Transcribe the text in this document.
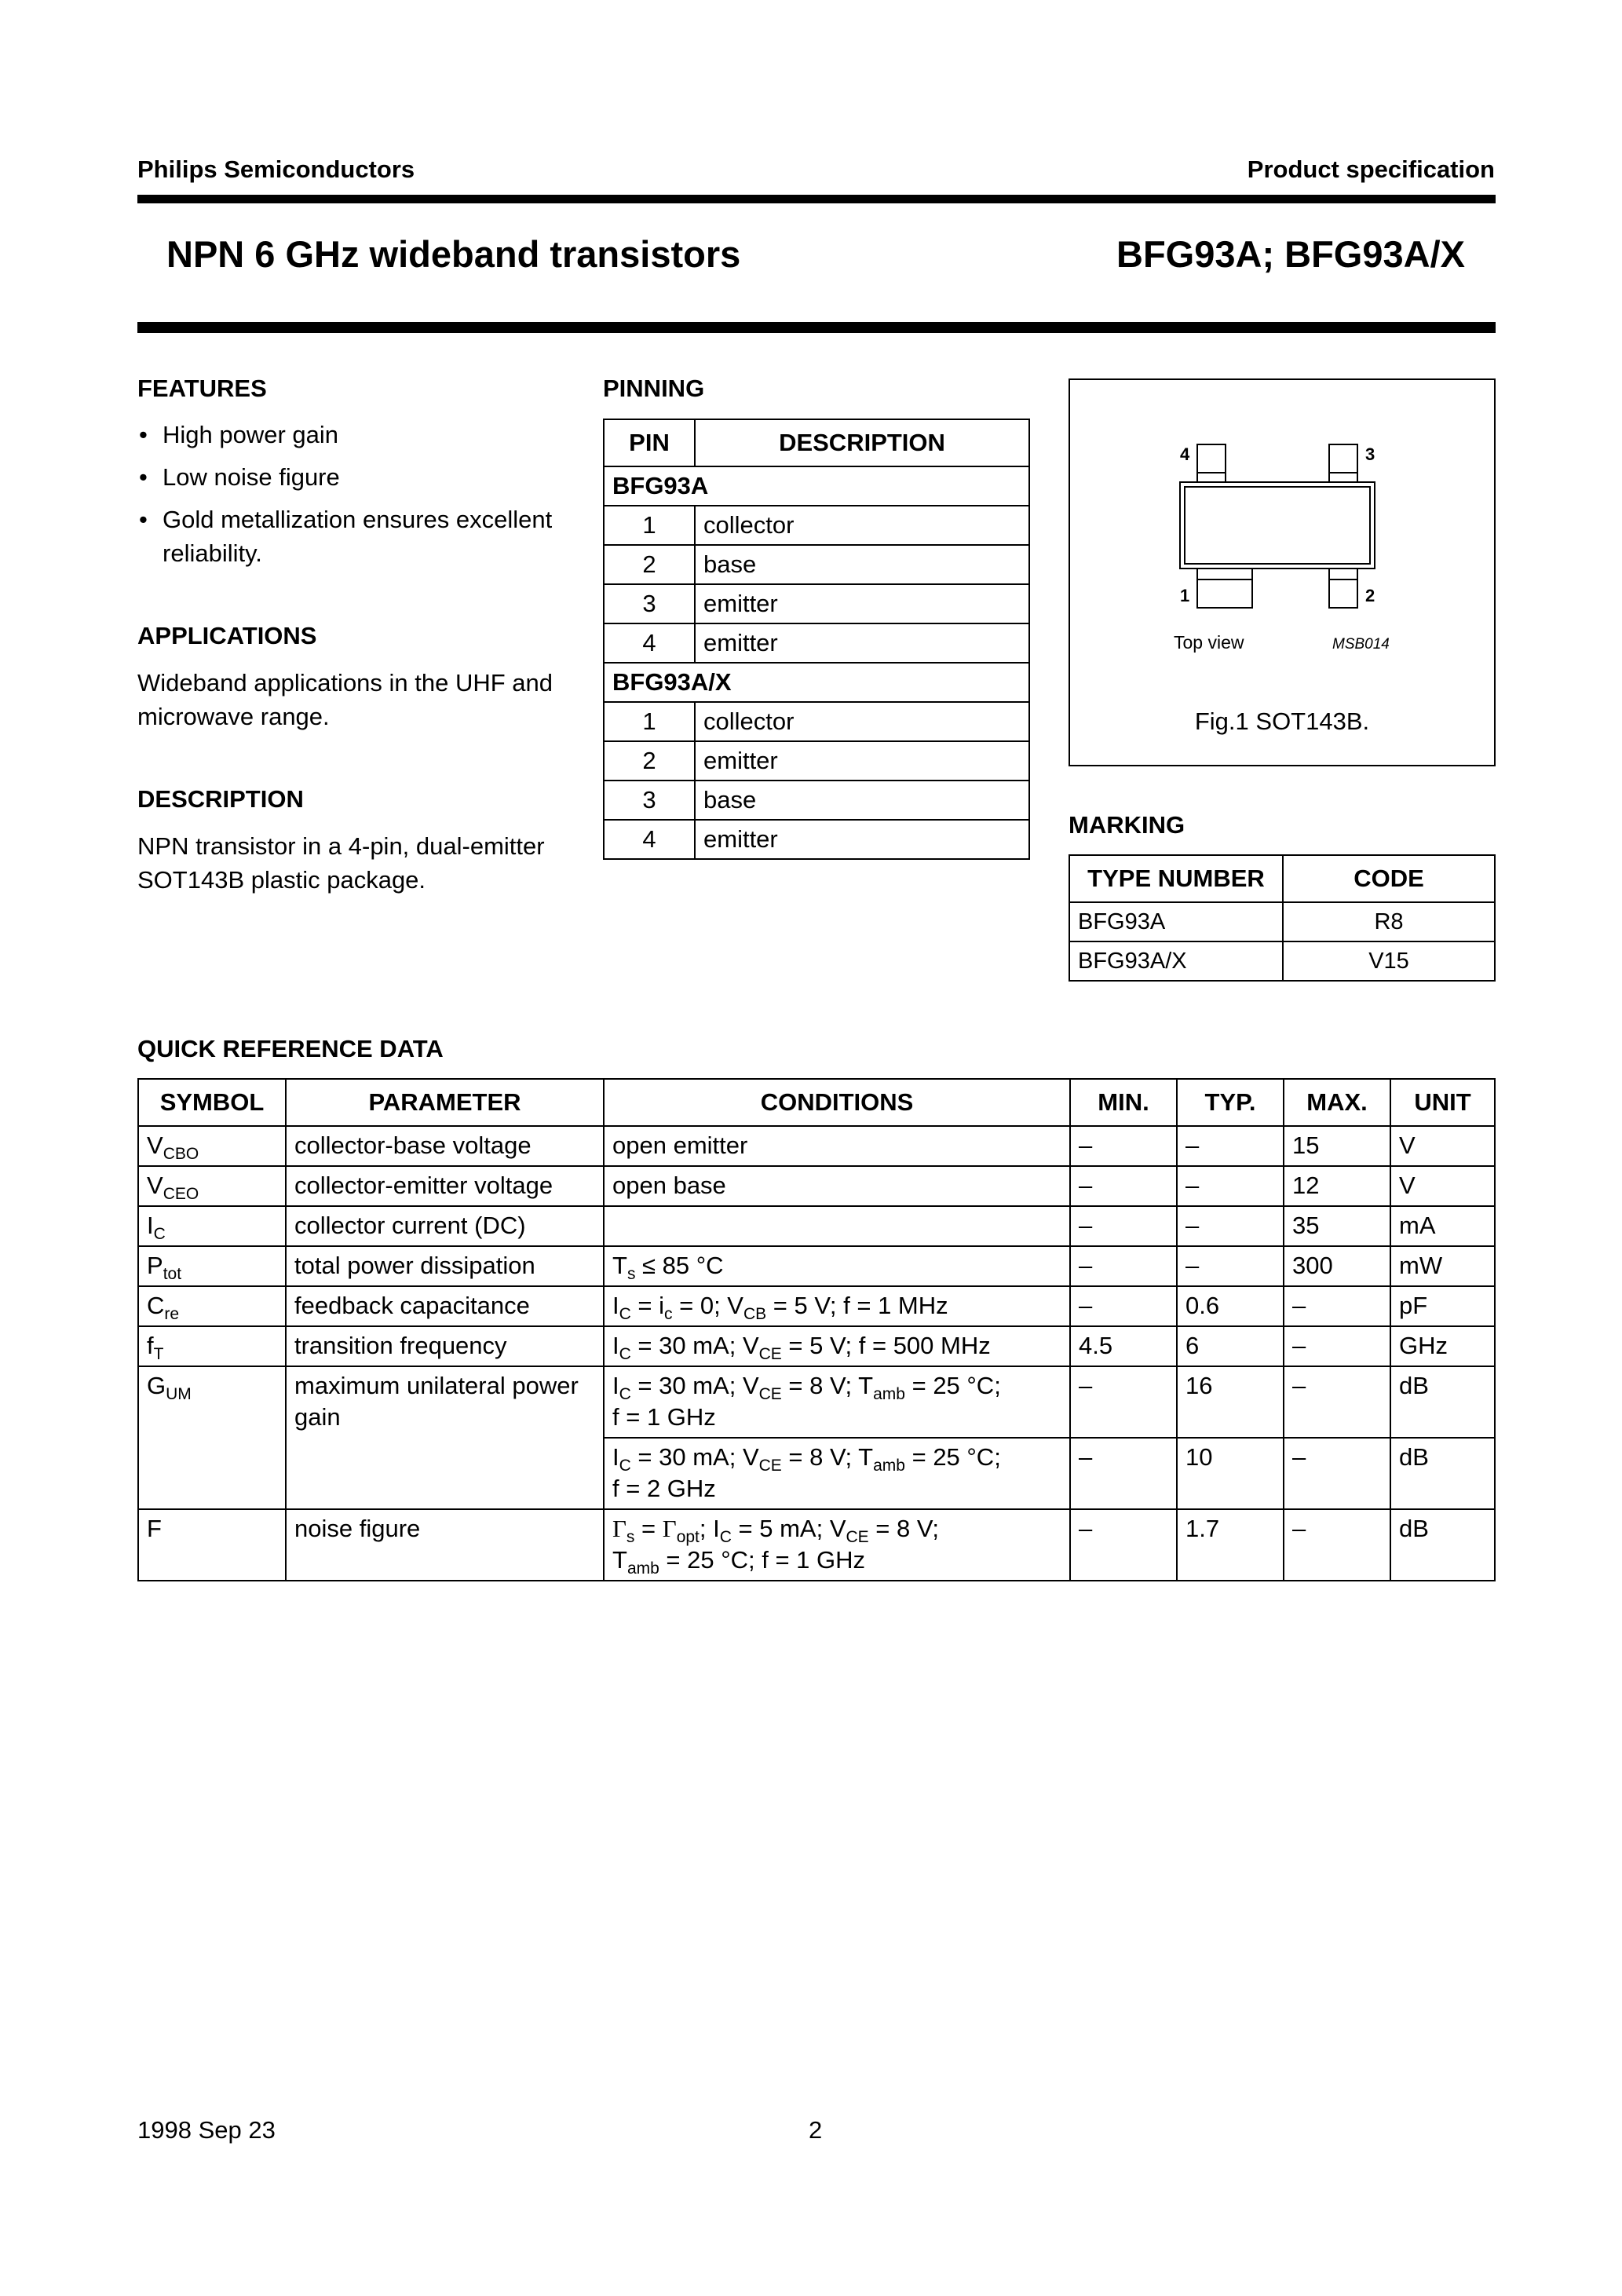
Philips Semiconductors	Product specification
NPN 6 GHz wideband transistors	BFG93A; BFG93A/X
FEATURES
• High power gain
• Low noise figure
• Gold metallization ensures excellent reliability.
APPLICATIONS
Wideband applications in the UHF and microwave range.
DESCRIPTION
NPN transistor in a 4-pin, dual-emitter SOT143B plastic package.
PINNING
PIN	DESCRIPTION
BFG93A	
1	collector
2	base
3	emitter
4	emitter
BFG93A/X	
1	collector
2	emitter
3	base
4	emitter
4	3
1	2
Top view	MSB014
Fig.1 SOT143B.
MARKING
TYPE NUMBER	CODE
BFG93A	R8
BFG93A/X	V15
QUICK REFERENCE DATA
SYMBOL	PARAMETER	CONDITIONS	MIN.	TYP.	MAX.	UNIT
$V_{CBO}$	collector-base voltage	open emitter	–	–	15	V
$V_{CEO}$	collector-emitter voltage	open base	–	–	12	V
$I_C$	collector current (DC)		–	–	35	mA
$P_{tot}$	total power dissipation	$T_s \le 85$ °C	–	–	300	mW
$C_{re}$	feedback capacitance	$I_C = i_c = 0$; $V_{CB} = 5$ V; f = 1 MHz	–	0.6	–	pF
$f_T$	transition frequency	$I_C = 30$ mA; $V_{CE} = 5$ V; f = 500 MHz	4.5	6	–	GHz
$G_{UM}$	maximum unilateral power gain	$I_C = 30$ mA; $V_{CE} = 8$ V; $T_{amb} = 25$ °C;
f = 1 GHz	–	16	–	dB
		$I_C = 30$ mA; $V_{CE} = 8$ V; $T_{amb} = 25$ °C;
f = 2 GHz	–	10	–	dB
F	noise figure	$\Gamma_s = \Gamma_{opt}$; $I_C = 5$ mA; $V_{CE} = 8$ V;
$T_{amb} = 25$ °C; f = 1 GHz	–	1.7	–	dB
1998 Sep 23	2
